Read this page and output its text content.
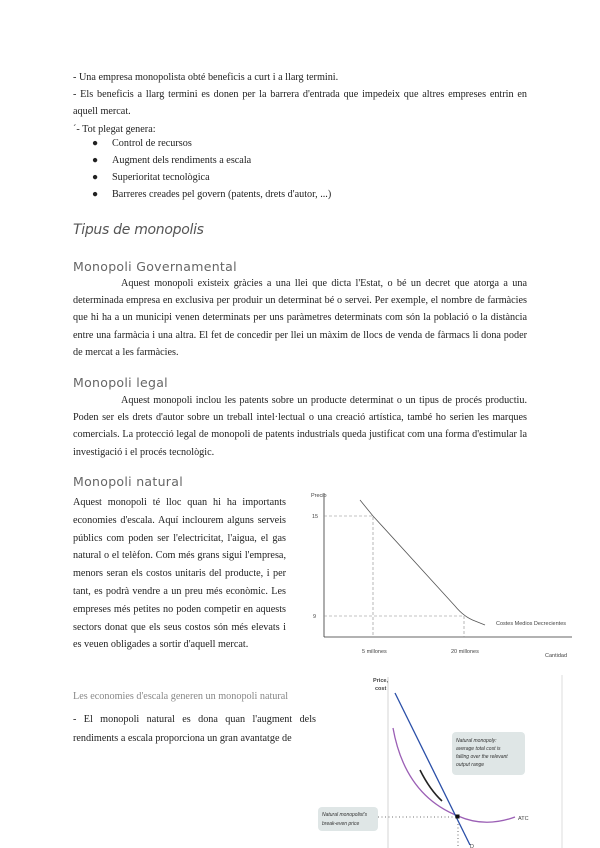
- Una empresa monopolista obté beneficis a curt i a llarg termini.
- Els beneficis a llarg termini es donen per la barrera d'entrada que impedeix que altres empreses entrin en aquell mercat.
´- Tot plegat genera:
● Control de recursos
● Augment dels rendiments a escala
● Superioritat tecnològica
● Barreres creades pel govern (patents, drets d'autor, ...)
Tipus de monopolis
Monopoli Governamental
Aquest monopoli existeix gràcies a una llei que dicta l'Estat, o bé un decret que atorga a una determinada empresa en exclusiva per produir un determinat bé o servei. Per exemple, el nombre de farmàcies que hi ha a un municipi venen determinats per uns paràmetres determinats com són la població o la distància entre una farmàcia i una altra. El fet de concedir per llei un màxim de llocs de venda de fàrmacs li dona poder de mercat a les farmàcies.
Monopoli legal
Aquest monopoli inclou les patents sobre un producte determinat o un tipus de procés productiu. Poden ser els drets d'autor sobre un treball intel·lectual o una creació artística, també ho serien les marques comercials. La protecció legal de monopoli de patents industrials queda justificat com una forma d'estimular la investigació i el procés tecnològic.
Monopoli natural
Aquest monopoli té lloc quan hi ha importants economies d'escala. Aquí inclourem alguns serveis públics com poden ser l'electricitat, l'aigua, el gas natural o el telèfon. Com més grans sigui l'empresa, menors seran els costos unitaris del producte, i per tant, es podrà vendre a un preu més econòmic. Les empreses més petites no poden competir en aquests sectors donat que els seus costos són més elevats i es veuen obligades a sortir d'aquell mercat.
Les economies d'escala generen un monopoli natural
- El monopoli natural es dona quan l'augment dels rendiments a escala proporciona un gran avantatge de
Precio
15
9
5 millones	20 millones
Cantidad
Costes Medios Decrecientes
Price,
cost
ATC
D
Natural monopoly:
average total cost is
falling over the relevant
output range
Natural monopolist's
break-even price
